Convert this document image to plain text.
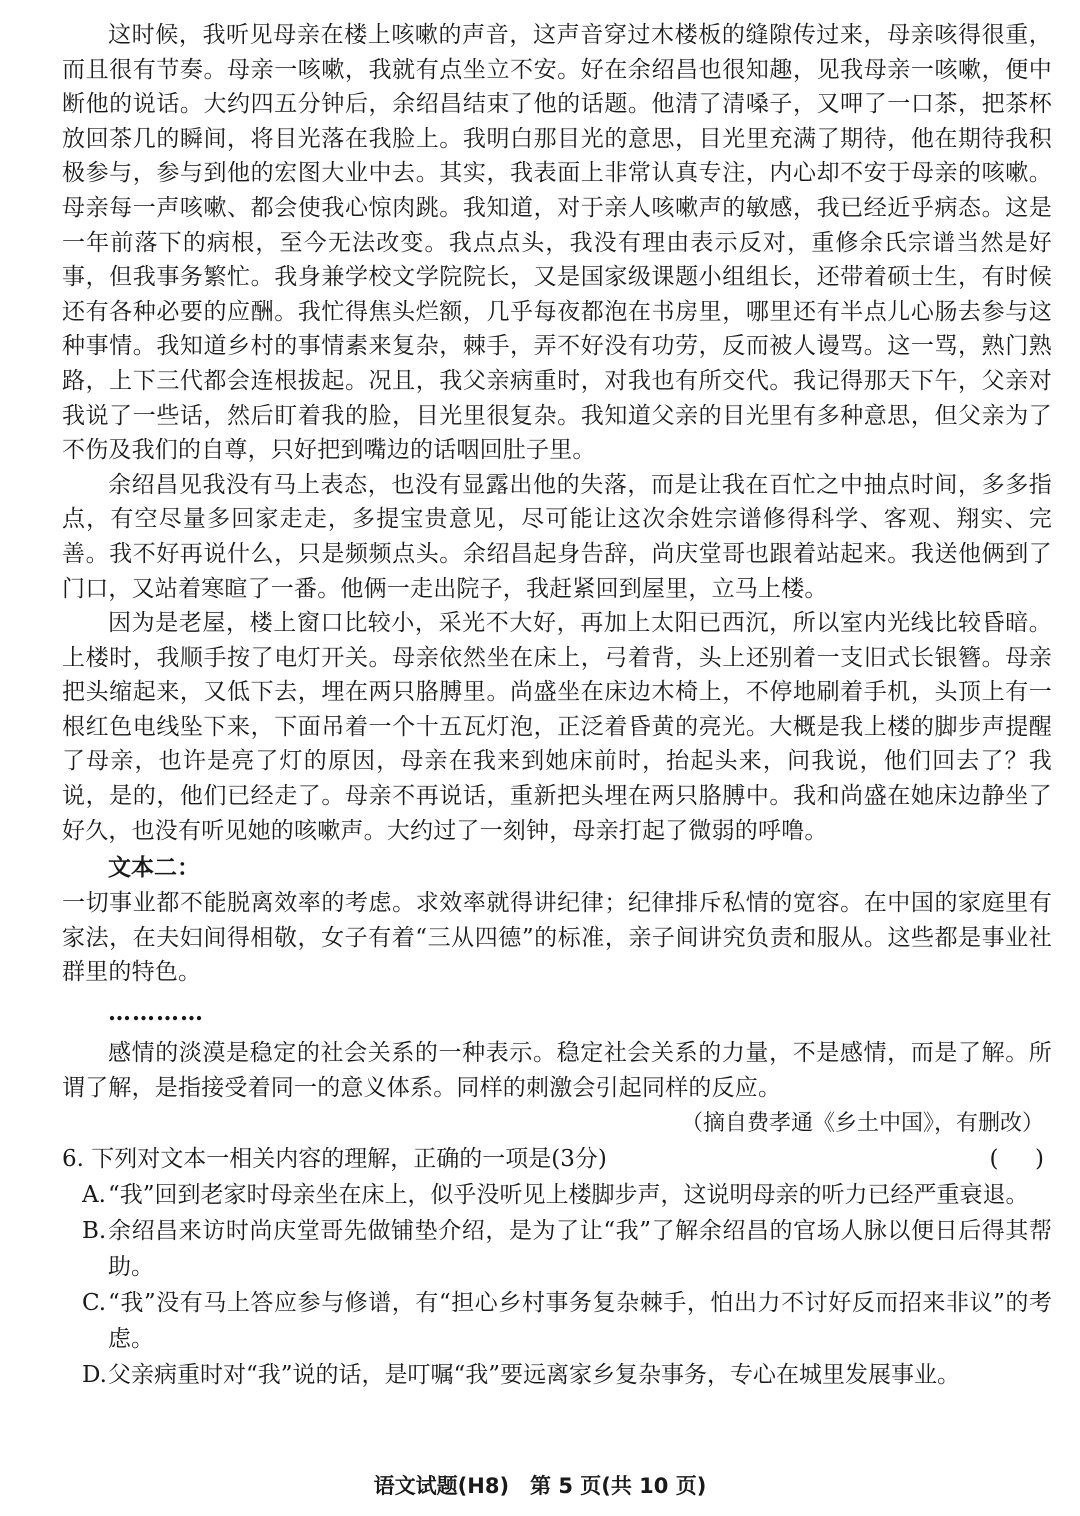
这时候，我听见母亲在楼上咳嗽的声音，这声音穿过木楼板的缝隙传过来，母亲咳得很重，而且很有节奏。母亲一咳嗽，我就有点坐立不安。好在余绍昌也很知趣，见我母亲一咳嗽，便中断他的说话。大约四五分钟后，余绍昌结束了他的话题。他清了清嗓子，又呷了一口茶，把茶杯放回茶几的瞬间，将目光落在我脸上。我明白那目光的意思，目光里充满了期待，他在期待我积极参与，参与到他的宏图大业中去。其实，我表面上非常认真专注，内心却不安于母亲的咳嗽。母亲每一声咳嗽、都会使我心惊肉跳。我知道，对于亲人咳嗽声的敏感，我已经近乎病态。这是一年前落下的病根，至今无法改变。我点点头，我没有理由表示反对，重修余氏宗谱当然是好事，但我事务繁忙。我身兼学校文学院院长，又是国家级课题小组组长，还带着硕士生，有时候还有各种必要的应酬。我忙得焦头烂额，几乎每夜都泡在书房里，哪里还有半点儿心肠去参与这种事情。我知道乡村的事情素来复杂，棘手，弄不好没有功劳，反而被人谩骂。这一骂，熟门熟路，上下三代都会连根拔起。况且，我父亲病重时，对我也有所交代。我记得那天下午，父亲对我说了一些话，然后盯着我的脸，目光里很复杂。我知道父亲的目光里有多种意思，但父亲为了不伤及我们的自尊，只好把到嘴边的话咽回肚子里。

余绍昌见我没有马上表态，也没有显露出他的失落，而是让我在百忙之中抽点时间，多多指点，有空尽量多回家走走，多提宝贵意见，尽可能让这次余姓宗谱修得科学、客观、翔实、完善。我不好再说什么，只是频频点头。余绍昌起身告辞，尚庆堂哥也跟着站起来。我送他俩到了门口，又站着寒暄了一番。他俩一走出院子，我赶紧回到屋里，立马上楼。

因为是老屋，楼上窗口比较小，采光不大好，再加上太阳已西沉，所以室内光线比较昏暗。上楼时，我顺手按了电灯开关。母亲依然坐在床上，弓着背，头上还别着一支旧式长银簪。母亲把头缩起来，又低下去，埋在两只胳膊里。尚盛坐在床边木椅上，不停地刷着手机，头顶上有一根红色电线坠下来，下面吊着一个十五瓦灯泡，正泛着昏黄的亮光。大概是我上楼的脚步声提醒了母亲，也许是亮了灯的原因，母亲在我来到她床前时，抬起头来，问我说，他们回去了？我说，是的，他们已经走了。母亲不再说话，重新把头埋在两只胳膊中。我和尚盛在她床边静坐了好久，也没有听见她的咳嗽声。大约过了一刻钟，母亲打起了微弱的呼噜。

文本二：

一切事业都不能脱离效率的考虑。求效率就得讲纪律；纪律排斥私情的宽容。在中国的家庭里有家法，在夫妇间得相敬，女子有着“三从四德”的标准，亲子间讲究负责和服从。这些都是事业社群里的特色。

…………

感情的淡漠是稳定的社会关系的一种表示。稳定社会关系的力量，不是感情，而是了解。所谓了解，是指接受着同一的意义体系。同样的刺激会引起同样的反应。

（摘自费孝通《乡土中国》，有删改）
6. 下列对文本一相关内容的理解，正确的一项是(3分)	(     )
A. “我”回到老家时母亲坐在床上，似乎没听见上楼脚步声，这说明母亲的听力已经严重衰退。
B. 余绍昌来访时尚庆堂哥先做铺垫介绍，是为了让“我”了解余绍昌的官场人脉以便日后得其帮助。
C. “我”没有马上答应参与修谱，有“担心乡村事务复杂棘手，怕出力不讨好反而招来非议”的考虑。
D. 父亲病重时对“我”说的话，是叮嘱“我”要远离家乡复杂事务，专心在城里发展事业。
语文试题(H8)　第 5 页(共 10 页)
